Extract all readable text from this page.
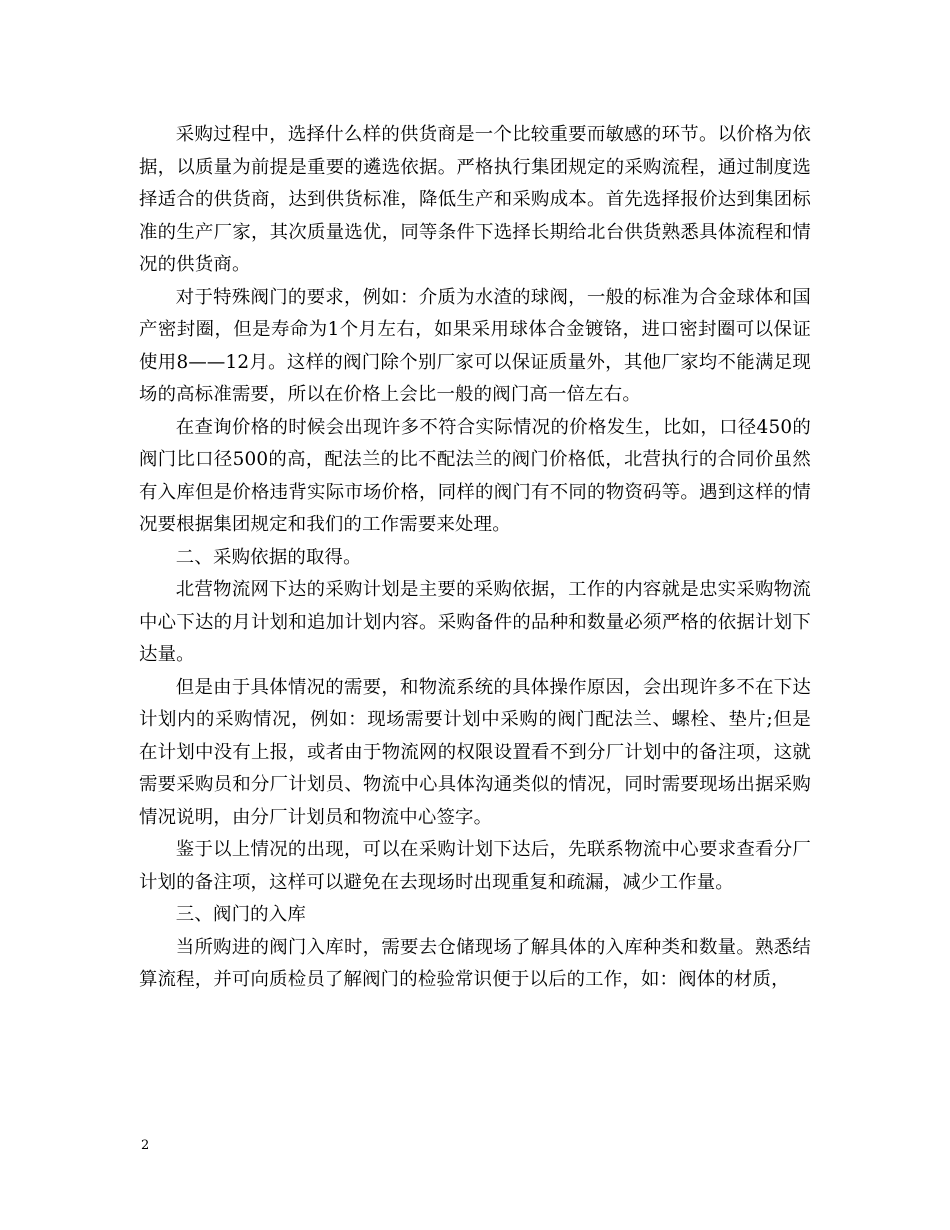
采购过程中，选择什么样的供货商是一个比较重要而敏感的环节。以价格为依据，以质量为前提是重要的遴选依据。严格执行集团规定的采购流程，通过制度选择适合的供货商，达到供货标准，降低生产和采购成本。首先选择报价达到集团标准的生产厂家，其次质量选优，同等条件下选择长期给北台供货熟悉具体流程和情况的供货商。

对于特殊阀门的要求，例如：介质为水渣的球阀，一般的标准为合金球体和国产密封圈，但是寿命为1个月左右，如果采用球体合金镀铬，进口密封圈可以保证使用8——12月。这样的阀门除个别厂家可以保证质量外，其他厂家均不能满足现场的高标准需要，所以在价格上会比一般的阀门高一倍左右。

在查询价格的时候会出现许多不符合实际情况的价格发生，比如，口径450的阀门比口径500的高，配法兰的比不配法兰的阀门价格低，北营执行的合同价虽然有入库但是价格违背实际市场价格，同样的阀门有不同的物资码等。遇到这样的情况要根据集团规定和我们的工作需要来处理。

二、采购依据的取得。

北营物流网下达的采购计划是主要的采购依据，工作的内容就是忠实采购物流中心下达的月计划和追加计划内容。采购备件的品种和数量必须严格的依据计划下达量。

但是由于具体情况的需要，和物流系统的具体操作原因，会出现许多不在下达计划内的采购情况，例如：现场需要计划中采购的阀门配法兰、螺栓、垫片;但是在计划中没有上报，或者由于物流网的权限设置看不到分厂计划中的备注项，这就需要采购员和分厂计划员、物流中心具体沟通类似的情况，同时需要现场出据采购情况说明，由分厂计划员和物流中心签字。

鉴于以上情况的出现，可以在采购计划下达后，先联系物流中心要求查看分厂计划的备注项，这样可以避免在去现场时出现重复和疏漏，减少工作量。

三、阀门的入库

当所购进的阀门入库时，需要去仓储现场了解具体的入库种类和数量。熟悉结算流程，并可向质检员了解阀门的检验常识便于以后的工作，如：阀体的材质，

2
